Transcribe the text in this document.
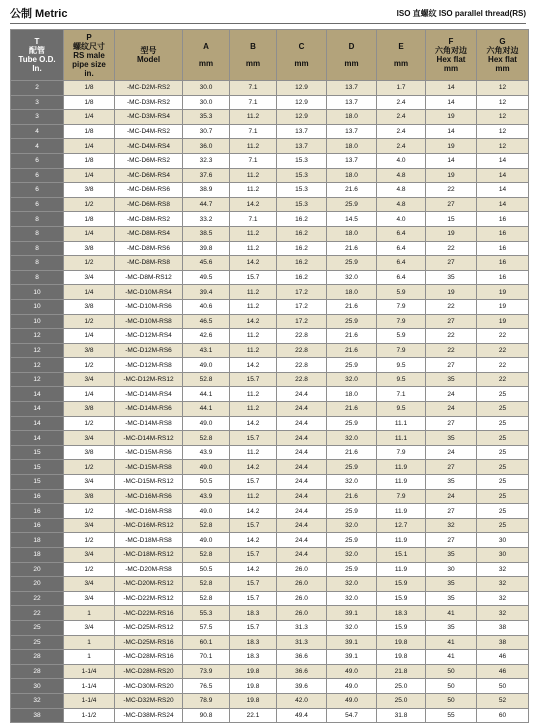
公制 Metric	ISO 直螺纹 ISO parallel thread(RS)
T
配管
Tube O.D.
In.	P
螺纹尺寸
RS male
pipe size
in.	型号
Model	A
mm	B
mm	C
mm	D
mm	E
mm	F
六角对边
Hex flat
mm	G
六角对边
Hex flat
mm

2	1/8	-MC-D2M-RS2	30.0	7.1	12.9	13.7	1.7	14	12
3	1/8	-MC-D3M-RS2	30.0	7.1	12.9	13.7	2.4	14	12
3	1/4	-MC-D3M-RS4	35.3	11.2	12.9	18.0	2.4	19	12
4	1/8	-MC-D4M-RS2	30.7	7.1	13.7	13.7	2.4	14	12
4	1/4	-MC-D4M-RS4	36.0	11.2	13.7	18.0	2.4	19	12
6	1/8	-MC-D6M-RS2	32.3	7.1	15.3	13.7	4.0	14	14
6	1/4	-MC-D6M-RS4	37.6	11.2	15.3	18.0	4.8	19	14
6	3/8	-MC-D6M-RS6	38.9	11.2	15.3	21.6	4.8	22	14
6	1/2	-MC-D6M-RS8	44.7	14.2	15.3	25.9	4.8	27	14
8	1/8	-MC-D8M-RS2	33.2	7.1	16.2	14.5	4.0	15	16
8	1/4	-MC-D8M-RS4	38.5	11.2	16.2	18.0	6.4	19	16
8	3/8	-MC-D8M-RS6	39.8	11.2	16.2	21.6	6.4	22	16
8	1/2	-MC-D8M-RS8	45.6	14.2	16.2	25.9	6.4	27	16
8	3/4	-MC-D8M-RS12	49.5	15.7	16.2	32.0	6.4	35	16
10	1/4	-MC-D10M-RS4	39.4	11.2	17.2	18.0	5.9	19	19
10	3/8	-MC-D10M-RS6	40.6	11.2	17.2	21.6	7.9	22	19
10	1/2	-MC-D10M-RS8	46.5	14.2	17.2	25.9	7.9	27	19
12	1/4	-MC-D12M-RS4	42.6	11.2	22.8	21.6	5.9	22	22
12	3/8	-MC-D12M-RS6	43.1	11.2	22.8	21.6	7.9	22	22
12	1/2	-MC-D12M-RS8	49.0	14.2	22.8	25.9	9.5	27	22
12	3/4	-MC-D12M-RS12	52.8	15.7	22.8	32.0	9.5	35	22
14	1/4	-MC-D14M-RS4	44.1	11.2	24.4	18.0	7.1	24	25
14	3/8	-MC-D14M-RS6	44.1	11.2	24.4	21.6	9.5	24	25
14	1/2	-MC-D14M-RS8	49.0	14.2	24.4	25.9	11.1	27	25
14	3/4	-MC-D14M-RS12	52.8	15.7	24.4	32.0	11.1	35	25
15	3/8	-MC-D15M-RS6	43.9	11.2	24.4	21.6	7.9	24	25
15	1/2	-MC-D15M-RS8	49.0	14.2	24.4	25.9	11.9	27	25
15	3/4	-MC-D15M-RS12	50.5	15.7	24.4	32.0	11.9	35	25
16	3/8	-MC-D16M-RS6	43.9	11.2	24.4	21.6	7.9	24	25
16	1/2	-MC-D16M-RS8	49.0	14.2	24.4	25.9	11.9	27	25
16	3/4	-MC-D16M-RS12	52.8	15.7	24.4	32.0	12.7	32	25
18	1/2	-MC-D18M-RS8	49.0	14.2	24.4	25.9	11.9	27	30
18	3/4	-MC-D18M-RS12	52.8	15.7	24.4	32.0	15.1	35	30
20	1/2	-MC-D20M-RS8	50.5	14.2	26.0	25.9	11.9	30	32
20	3/4	-MC-D20M-RS12	52.8	15.7	26.0	32.0	15.9	35	32
22	3/4	-MC-D22M-RS12	52.8	15.7	26.0	32.0	15.9	35	32
22	1	-MC-D22M-RS16	55.3	18.3	26.0	39.1	18.3	41	32
25	3/4	-MC-D25M-RS12	57.5	15.7	31.3	32.0	15.9	35	38
25	1	-MC-D25M-RS16	60.1	18.3	31.3	39.1	19.8	41	38
28	1	-MC-D28M-RS16	70.1	18.3	36.6	39.1	19.8	41	46
28	1-1/4	-MC-D28M-RS20	73.9	19.8	36.6	49.0	21.8	50	46
30	1-1/4	-MC-D30M-RS20	76.5	19.8	39.6	49.0	25.0	50	50
32	1-1/4	-MC-D32M-RS20	78.9	19.8	42.0	49.0	25.0	50	52
38	1-1/2	-MC-D38M-RS24	90.8	22.1	49.4	54.7	31.8	55	60
